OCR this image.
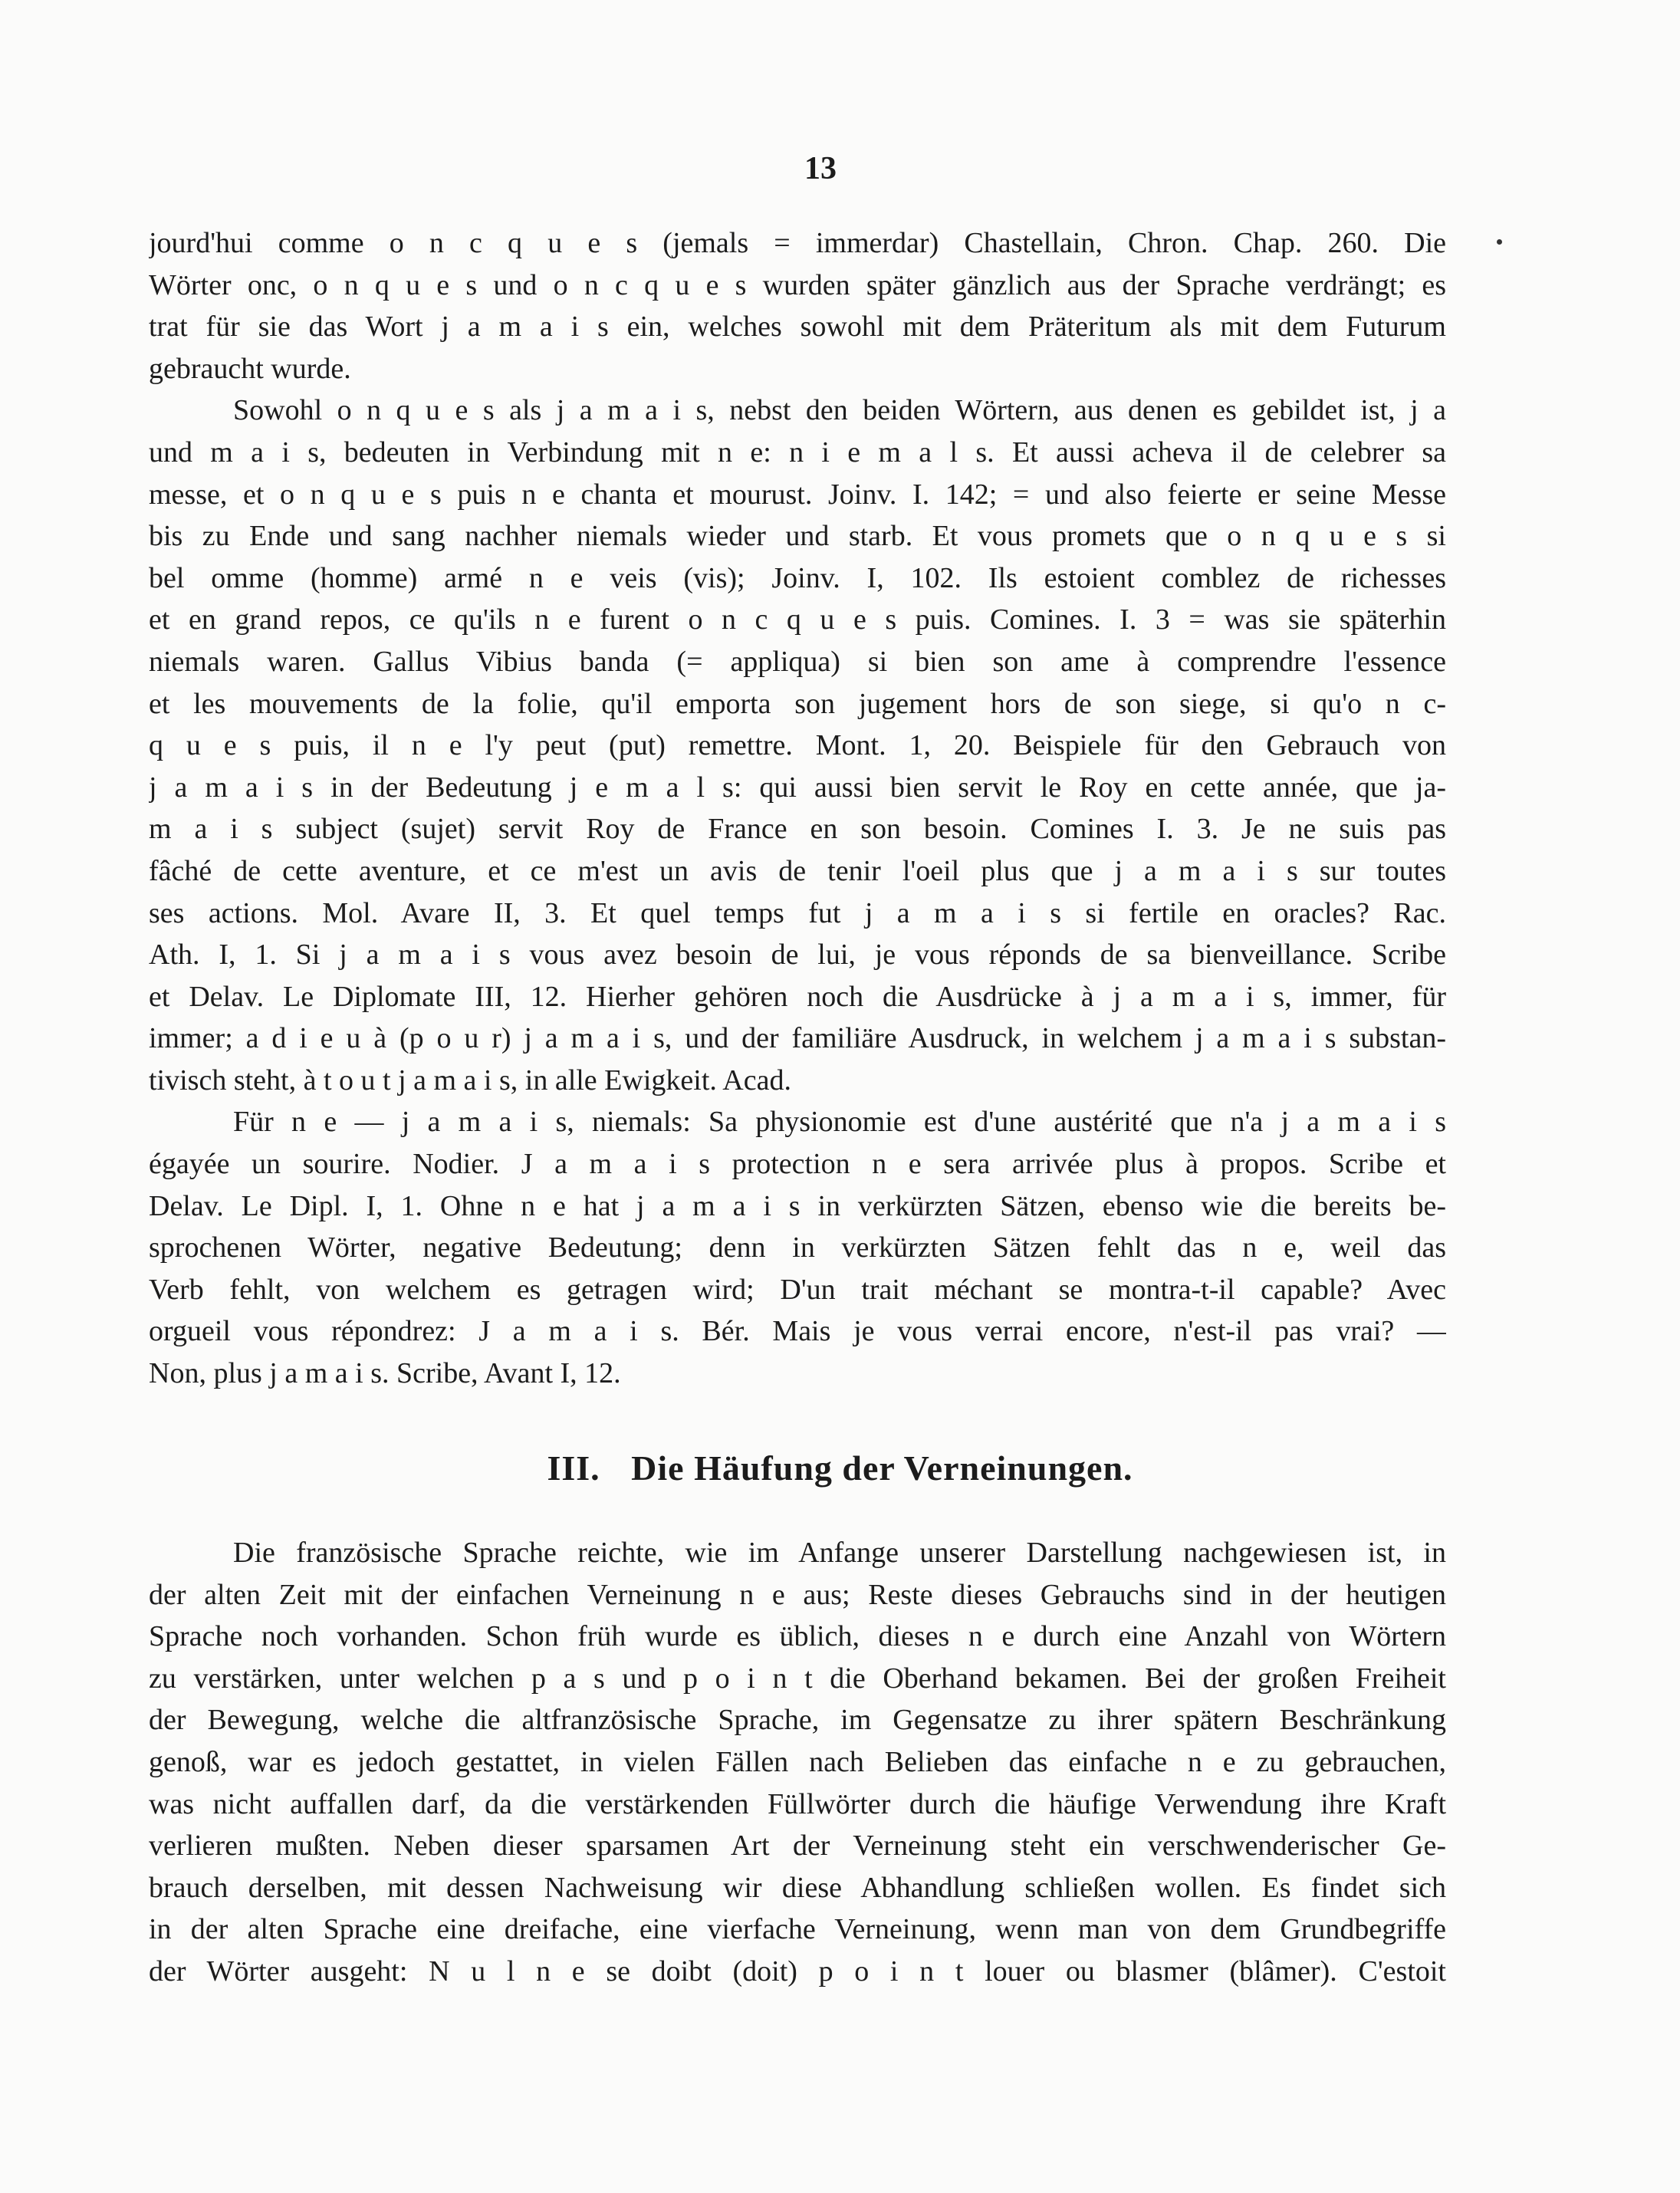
13
jourd'hui comme o n c q u e s (jemals = immerdar) Chastellain, Chron. Chap. 260. Die
Wörter onc, o n q u e s und o n c q u e s wurden später gänzlich aus der Sprache verdrängt; es
trat für sie das Wort j a m a i s ein, welches sowohl mit dem Präteritum als mit dem Futurum
gebraucht wurde.
Sowohl o n q u e s als j a m a i s, nebst den beiden Wörtern, aus denen es gebildet ist, j a
und m a i s, bedeuten in Verbindung mit n e: n i e m a l s. Et aussi acheva il de celebrer sa
messe, et o n q u e s puis n e chanta et mourust. Joinv. I. 142; = und also feierte er seine Messe
bis zu Ende und sang nachher niemals wieder und starb. Et vous promets que o n q u e s si
bel omme (homme) armé n e veis (vis); Joinv. I, 102. Ils estoient comblez de richesses
et en grand repos, ce qu'ils n e furent o n c q u e s puis. Comines. I. 3 = was sie späterhin
niemals waren. Gallus Vibius banda (= appliqua) si bien son ame à comprendre l'essence
et les mouvements de la folie, qu'il emporta son jugement hors de son siege, si qu'o n c-
q u e s puis, il n e l'y peut (put) remettre. Mont. 1, 20. Beispiele für den Gebrauch von
j a m a i s in der Bedeutung j e m a l s: qui aussi bien servit le Roy en cette année, que ja-
m a i s subject (sujet) servit Roy de France en son besoin. Comines I. 3. Je ne suis pas
fâché de cette aventure, et ce m'est un avis de tenir l'oeil plus que j a m a i s sur toutes
ses actions. Mol. Avare II, 3. Et quel temps fut j a m a i s si fertile en oracles? Rac.
Ath. I, 1. Si j a m a i s vous avez besoin de lui, je vous réponds de sa bienveillance. Scribe
et Delav. Le Diplomate III, 12. Hierher gehören noch die Ausdrücke à j a m a i s, immer, für
immer; a d i e u à (p o u r) j a m a i s, und der familiäre Ausdruck, in welchem j a m a i s substan-
tivisch steht, à t o u t j a m a i s, in alle Ewigkeit. Acad.
Für n e — j a m a i s, niemals: Sa physionomie est d'une austérité que n'a j a m a i s
égayée un sourire. Nodier. J a m a i s protection n e sera arrivée plus à propos. Scribe et
Delav. Le Dipl. I, 1. Ohne n e hat j a m a i s in verkürzten Sätzen, ebenso wie die bereits be-
sprochenen Wörter, negative Bedeutung; denn in verkürzten Sätzen fehlt das n e, weil das
Verb fehlt, von welchem es getragen wird; D'un trait méchant se montra-t-il capable? Avec
orgueil vous répondrez: J a m a i s. Bér. Mais je vous verrai encore, n'est-il pas vrai? —
Non, plus j a m a i s. Scribe, Avant I, 12.
III. Die Häufung der Verneinungen.
Die französische Sprache reichte, wie im Anfange unserer Darstellung nachgewiesen ist, in
der alten Zeit mit der einfachen Verneinung n e aus; Reste dieses Gebrauchs sind in der heutigen
Sprache noch vorhanden. Schon früh wurde es üblich, dieses n e durch eine Anzahl von Wörtern
zu verstärken, unter welchen p a s und p o i n t die Oberhand bekamen. Bei der großen Freiheit
der Bewegung, welche die altfranzösische Sprache, im Gegensatze zu ihrer spätern Beschränkung
genoß, war es jedoch gestattet, in vielen Fällen nach Belieben das einfache n e zu gebrauchen,
was nicht auffallen darf, da die verstärkenden Füllwörter durch die häufige Verwendung ihre Kraft
verlieren mußten. Neben dieser sparsamen Art der Verneinung steht ein verschwenderischer Ge-
brauch derselben, mit dessen Nachweisung wir diese Abhandlung schließen wollen. Es findet sich
in der alten Sprache eine dreifache, eine vierfache Verneinung, wenn man von dem Grundbegriffe
der Wörter ausgeht: N u l n e se doibt (doit) p o i n t louer ou blasmer (blâmer). C'estoit
